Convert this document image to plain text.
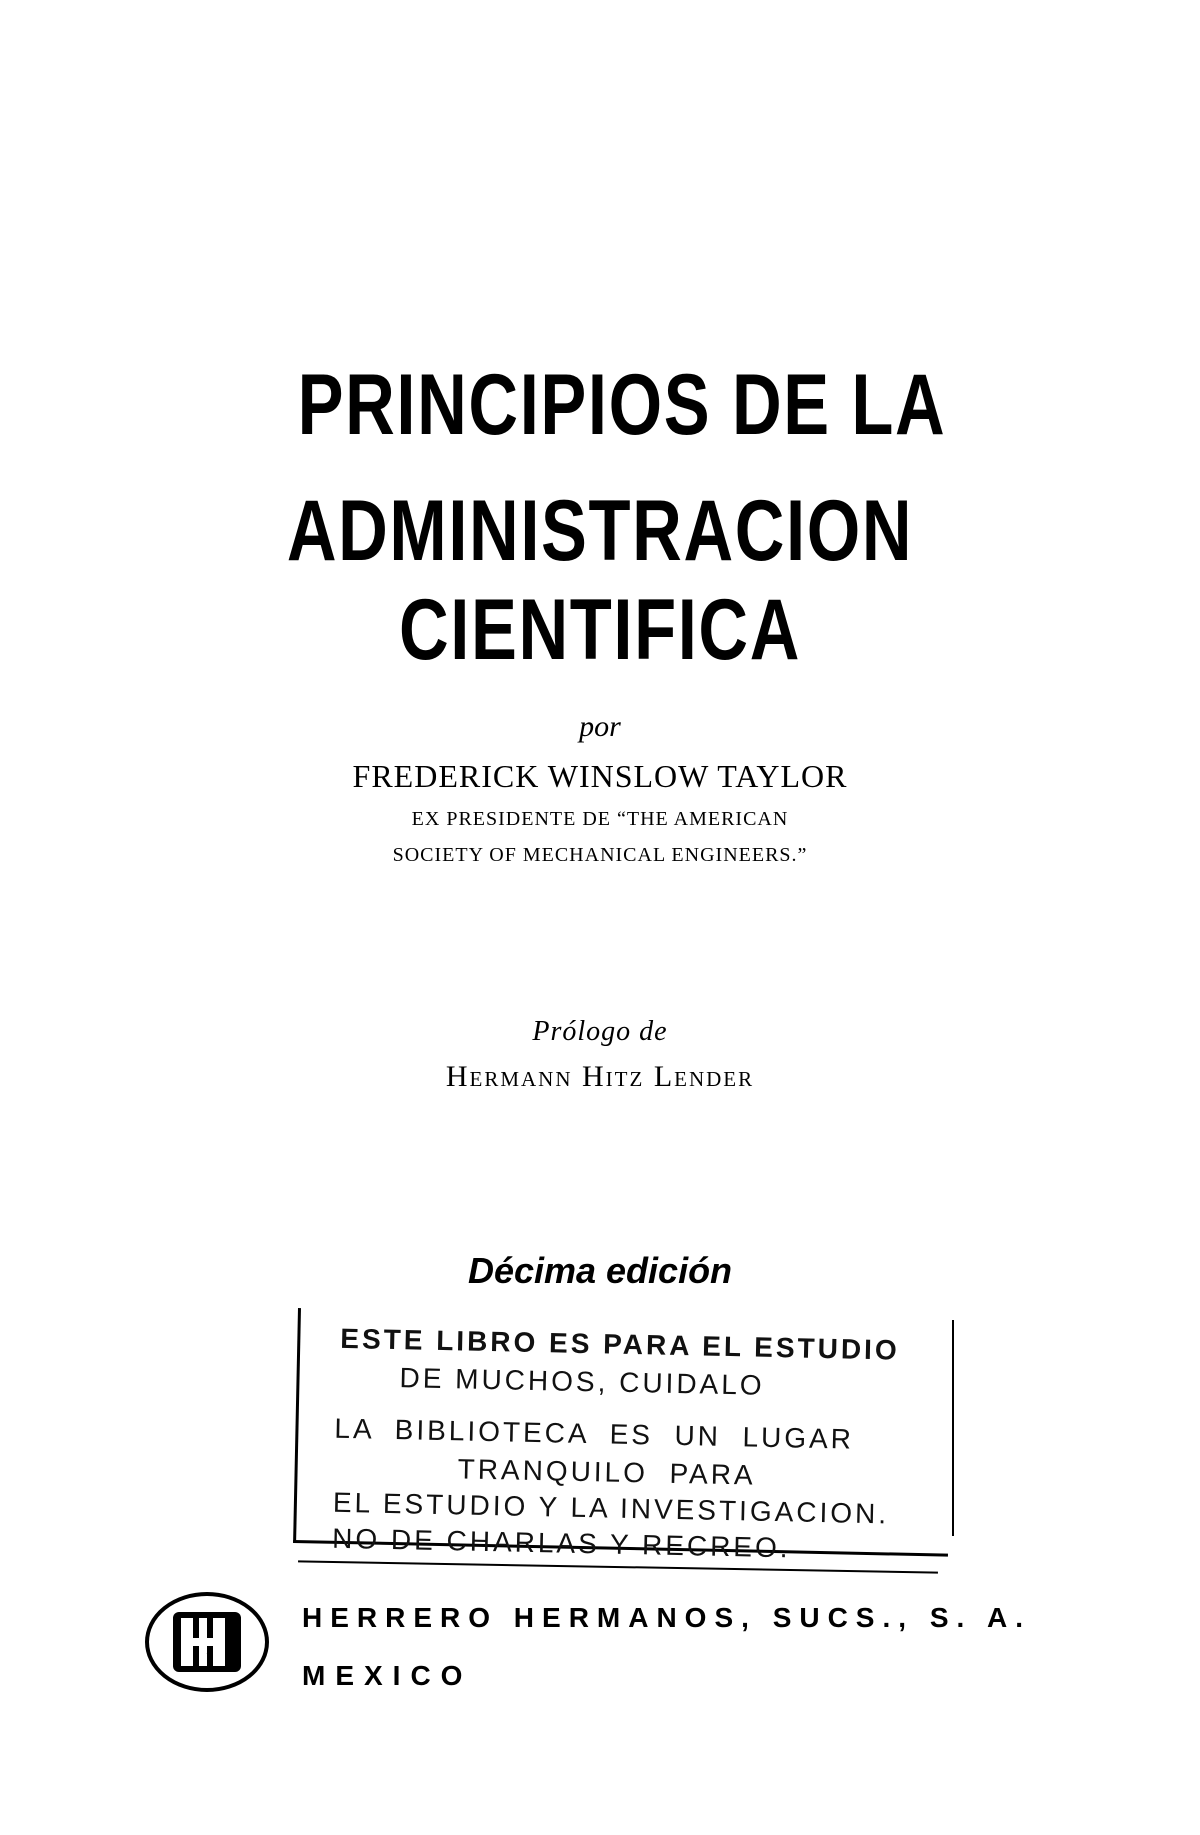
PRINCIPIOS DE LA
ADMINISTRACION CIENTIFICA
por
FREDERICK WINSLOW TAYLOR
EX PRESIDENTE DE “THE AMERICAN
SOCIETY OF MECHANICAL ENGINEERS.”
Prólogo de
Hermann Hitz Lender
Décima edición
ESTE LIBRO ES PARA EL ESTUDIO
DE MUCHOS, CUIDALO
LA  BIBLIOTECA  ES  UN  LUGAR
TRANQUILO  PARA
EL ESTUDIO Y LA INVESTIGACION.
NO DE CHARLAS Y RECREO.
HH
HERRERO HERMANOS, SUCS., S. A.
MEXICO
